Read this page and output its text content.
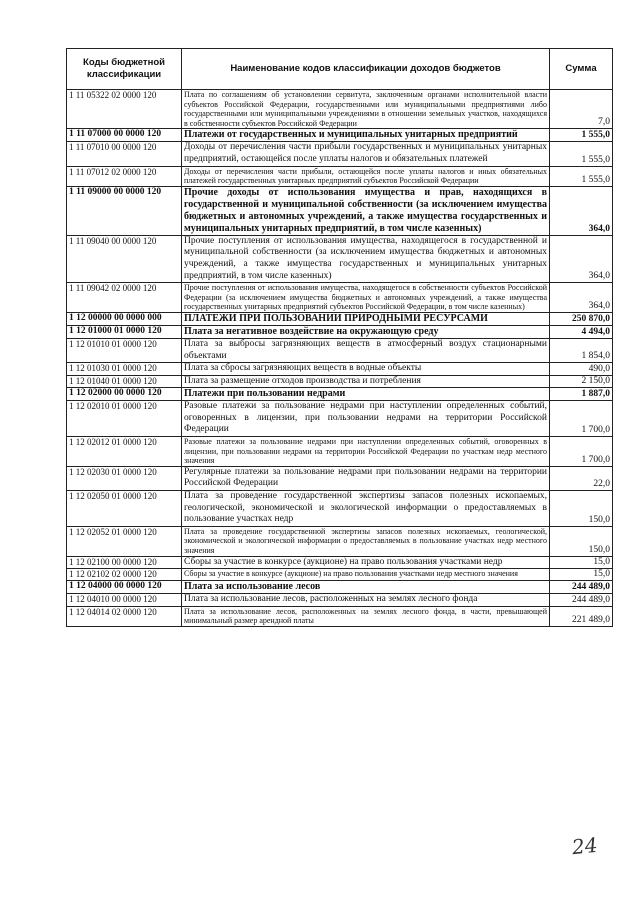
Коды бюджетной классификации	Наименование кодов классификации доходов бюджетов	Сумма
1 11 05322 02 0000 120	Плата по соглашениям об установлении сервитута, заключенным органами исполнительной власти субъектов Российской Федерации, государственными или муниципальными предприятиями либо государственными или муниципальными учреждениями в отношении земельных участков, находящихся в собственности субъектов Российской Федерации	7,0
1 11 07000 00 0000 120	Платежи от государственных и муниципальных унитарных предприятий	1 555,0
1 11 07010 00 0000 120	Доходы от перечисления части прибыли государственных и муниципальных унитарных предприятий, остающейся после уплаты налогов и обязательных платежей	1 555,0
1 11 07012 02 0000 120	Доходы от перечисления части прибыли, остающейся после уплаты налогов и иных обязательных платежей государственных унитарных предприятий субъектов Российской Федерации	1 555,0
1 11 09000 00 0000 120	Прочие доходы от использования имущества и прав, находящихся в государственной и муниципальной собственности (за исключением имущества бюджетных и автономных учреждений, а также имущества государственных и муниципальных унитарных предприятий, в том числе казенных)	364,0
1 11 09040 00 0000 120	Прочие поступления от использования имущества, находящегося в государственной и муниципальной собственности (за исключением имущества бюджетных и автономных учреждений, а также имущества государственных и муниципальных унитарных предприятий, в том числе казенных)	364,0
1 11 09042 02 0000 120	Прочие поступления от использования имущества, находящегося в собственности субъектов Российской Федерации (за исключением имущества бюджетных и автономных учреждений, а также имущества государственных унитарных предприятий субъектов Российской Федерации, в том числе казенных)	364,0
1 12 00000 00 0000 000	ПЛАТЕЖИ ПРИ ПОЛЬЗОВАНИИ ПРИРОДНЫМИ РЕСУРСАМИ	250 870,0
1 12 01000 01 0000 120	Плата за негативное воздействие на окружающую среду	4 494,0
1 12 01010 01 0000 120	Плата за выбросы загрязняющих веществ в атмосферный воздух стационарными объектами	1 854,0
1 12 01030 01 0000 120	Плата за сбросы загрязняющих веществ в водные объекты	490,0
1 12 01040 01 0000 120	Плата за размещение отходов производства и потребления	2 150,0
1 12 02000 00 0000 120	Платежи при пользовании недрами	1 887,0
1 12 02010 01 0000 120	Разовые платежи за пользование недрами при наступлении определенных событий, оговоренных в лицензии, при пользовании недрами на территории Российской Федерации	1 700,0
1 12 02012 01 0000 120	Разовые платежи за пользование недрами при наступлении определенных событий, оговоренных в лицензии, при пользовании недрами на территории Российской Федерации по участкам недр местного значения	1 700,0
1 12 02030 01 0000 120	Регулярные платежи за пользование недрами при пользовании недрами на территории Российской Федерации	22,0
1 12 02050 01 0000 120	Плата за проведение государственной экспертизы запасов полезных ископаемых, геологической, экономической и экологической информации о предоставляемых в пользование участках недр	150,0
1 12 02052 01 0000 120	Плата за проведение государственной экспертизы запасов полезных ископаемых, геологической, экономической и экологической информации о предоставляемых в пользование участках недр местного значения	150,0
1 12 02100 00 0000 120	Сборы за участие в конкурсе (аукционе) на право пользования участками недр	15,0
1 12 02102 02 0000 120	Сборы за участие в конкурсе (аукционе) на право пользования участками недр местного значения	15,0
1 12 04000 00 0000 120	Плата за использование лесов	244 489,0
1 12 04010 00 0000 120	Плата за использование лесов, расположенных на землях лесного фонда	244 489,0
1 12 04014 02 0000 120	Плата за использование лесов, расположенных на землях лесного фонда, в части, превышающей минимальный размер арендной платы	221 489,0
24
